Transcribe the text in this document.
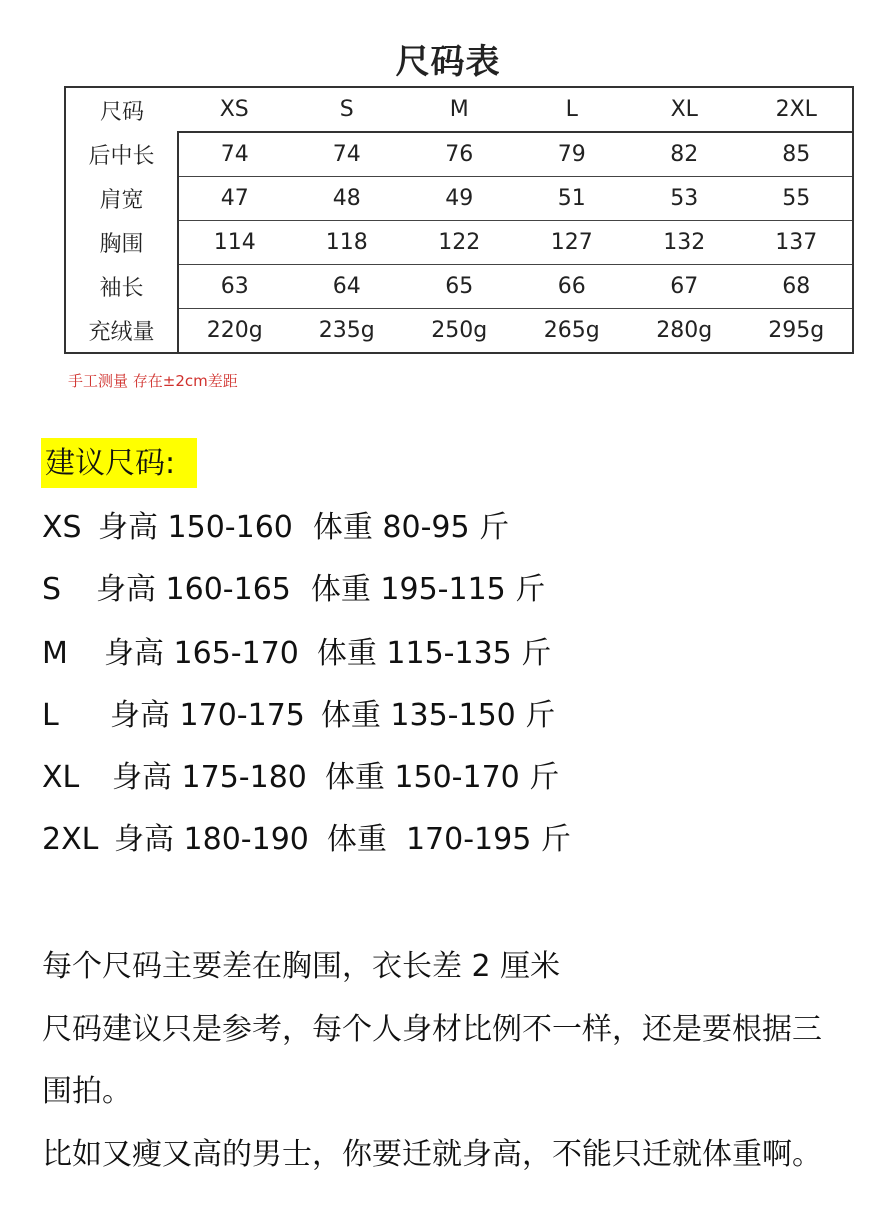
尺码表
尺码	XS	S	M	L	XL	2XL
后中长	74	74	76	79	82	85
肩宽	47	48	49	51	53	55
胸围	114	118	122	127	132	137
袖长	63	64	65	66	67	68
充绒量	220g	235g	250g	265g	280g	295g
手工测量 存在±2cm差距
建议尺码:
XS 身高 150-160 体重 80-95 斤
S 身高 160-165 体重 195-115 斤
M 身高 165-170 体重 115-135 斤
L 身高 170-175 体重 135-150 斤
XL 身高 175-180 体重 150-170 斤
2XL 身高 180-190 体重  170-195 斤
每个尺码主要差在胸围，衣长差 2 厘米
尺码建议只是参考，每个人身材比例不一样，还是要根据三
围拍。
比如又瘦又高的男士，你要迁就身高，不能只迁就体重啊。
